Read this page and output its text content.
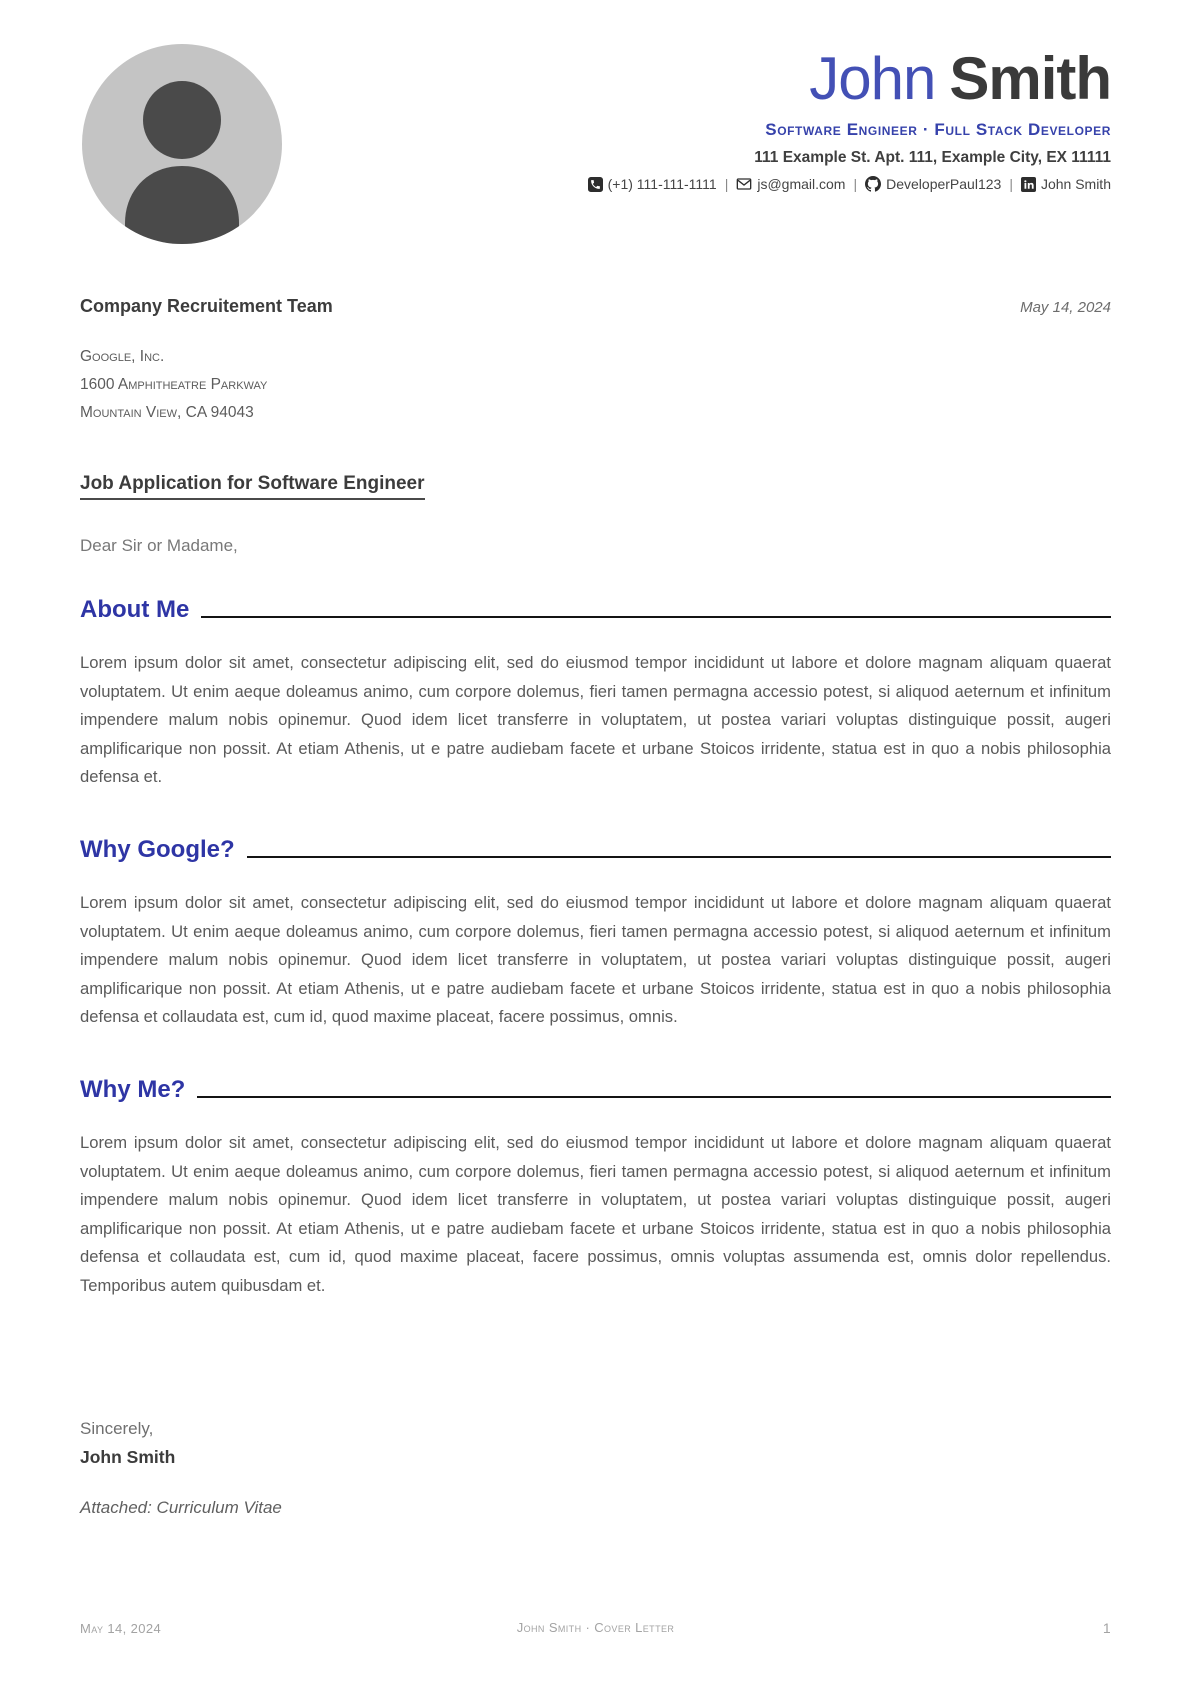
John Smith
Software Engineer · Full Stack Developer
111 Example St. Apt. 111, Example City, EX 11111
(+1) 111-111-1111 | js@gmail.com | DeveloperPaul123 | John Smith
Company Recruitement Team	May 14, 2024
Google, Inc.
1600 Amphitheatre Parkway
Mountain View, CA 94043
Job Application for Software Engineer
Dear Sir or Madame,
About Me

Lorem ipsum dolor sit amet, consectetur adipiscing elit, sed do eiusmod tempor incididunt ut labore et dolore magnam aliquam quaerat voluptatem. Ut enim aeque doleamus animo, cum corpore dolemus, fieri tamen permagna accessio potest, si aliquod aeternum et infinitum impendere malum nobis opinemur. Quod idem licet transferre in voluptatem, ut postea variari voluptas distinguique possit, augeri amplificarique non possit. At etiam Athenis, ut e patre audiebam facete et urbane Stoicos irridente, statua est in quo a nobis philosophia defensa et.

Why Google?

Lorem ipsum dolor sit amet, consectetur adipiscing elit, sed do eiusmod tempor incididunt ut labore et dolore magnam aliquam quaerat voluptatem. Ut enim aeque doleamus animo, cum corpore dolemus, fieri tamen permagna accessio potest, si aliquod aeternum et infinitum impendere malum nobis opinemur. Quod idem licet transferre in voluptatem, ut postea variari voluptas distinguique possit, augeri amplificarique non possit. At etiam Athenis, ut e patre audiebam facete et urbane Stoicos irridente, statua est in quo a nobis philosophia defensa et collaudata est, cum id, quod maxime placeat, facere possimus, omnis.

Why Me?

Lorem ipsum dolor sit amet, consectetur adipiscing elit, sed do eiusmod tempor incididunt ut labore et dolore magnam aliquam quaerat voluptatem. Ut enim aeque doleamus animo, cum corpore dolemus, fieri tamen permagna accessio potest, si aliquod aeternum et infinitum impendere malum nobis opinemur. Quod idem licet transferre in voluptatem, ut postea variari voluptas distinguique possit, augeri amplificarique non possit. At etiam Athenis, ut e patre audiebam facete et urbane Stoicos irridente, statua est in quo a nobis philosophia defensa et collaudata est, cum id, quod maxime placeat, facere possimus, omnis voluptas assumenda est, omnis dolor repellendus. Temporibus autem quibusdam et.

Sincerely,
John Smith
Attached: Curriculum Vitae
John Smith · Cover Letter
May 14, 2024	1
